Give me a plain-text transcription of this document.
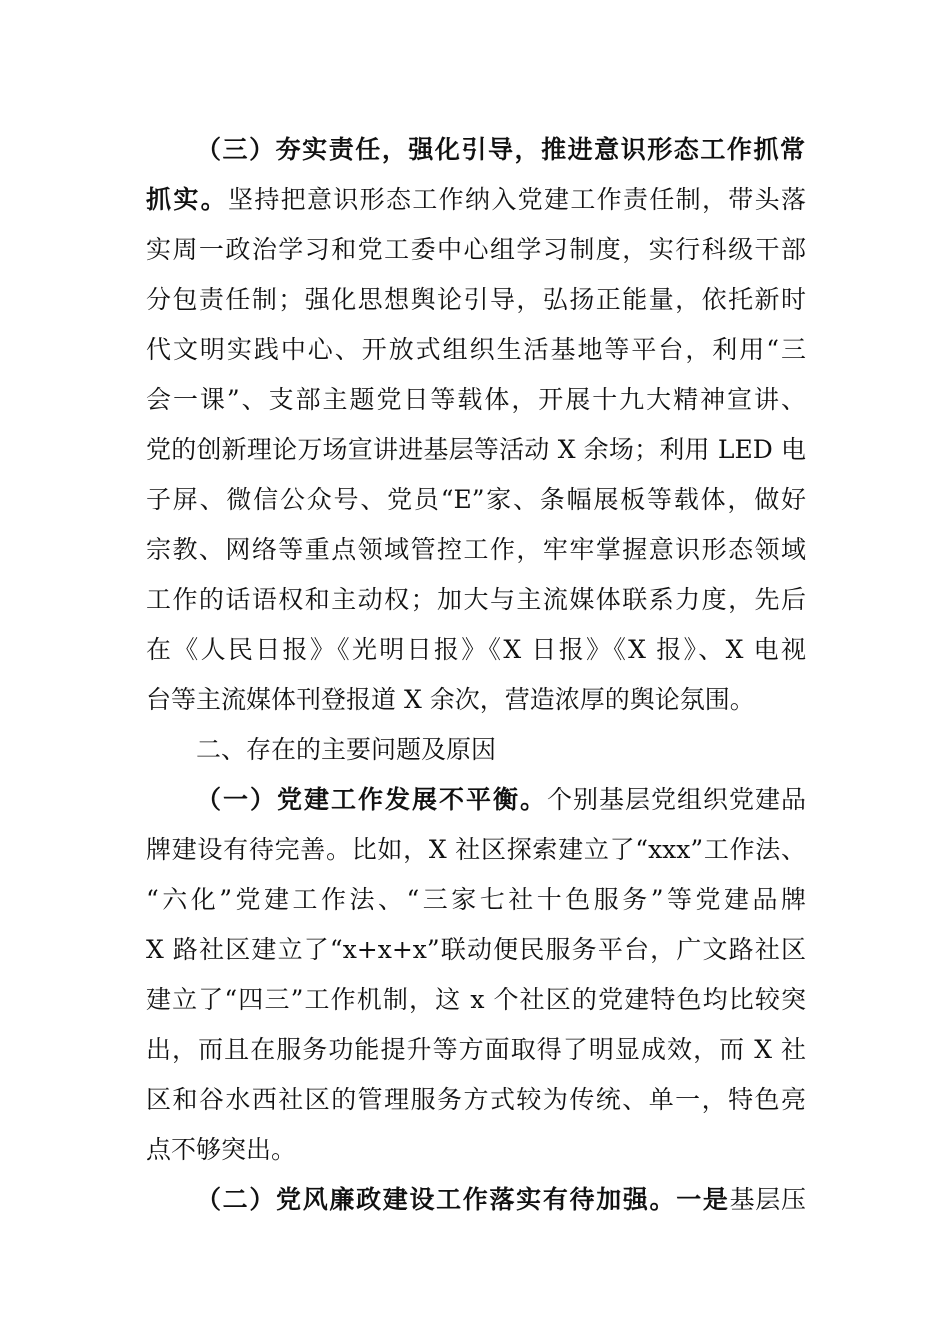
（三）夯实责任，强化引导，推进意识形态工作抓常
抓实。坚持把意识形态工作纳入党建工作责任制，带头落
实周一政治学习和党工委中心组学习制度，实行科级干部
分包责任制；强化思想舆论引导，弘扬正能量，依托新时
代文明实践中心、开放式组织生活基地等平台，利用“三
会一课”、支部主题党日等载体，开展十九大精神宣讲、
党的创新理论万场宣讲进基层等活动 X 余场；利用 LED 电
子屏、微信公众号、党员“E”家、条幅展板等载体，做好
宗教、网络等重点领域管控工作，牢牢掌握意识形态领域
工作的话语权和主动权；加大与主流媒体联系力度，先后
在《人民日报》《光明日报》《X 日报》《X 报》、X 电视
台等主流媒体刊登报道 X 余次，营造浓厚的舆论氛围。
二、存在的主要问题及原因
（一）党建工作发展不平衡。个别基层党组织党建品
牌建设有待完善。比如，X 社区探索建立了“xxx”工作法、
“六化”党建工作法、“三家七社十色服务”等党建品牌
X 路社区建立了“x+x+x”联动便民服务平台，广文路社区
建立了“四三”工作机制，这 x 个社区的党建特色均比较突
出，而且在服务功能提升等方面取得了明显成效，而 X 社
区和谷水西社区的管理服务方式较为传统、单一，特色亮
点不够突出。
（二）党风廉政建设工作落实有待加强。一是基层压
